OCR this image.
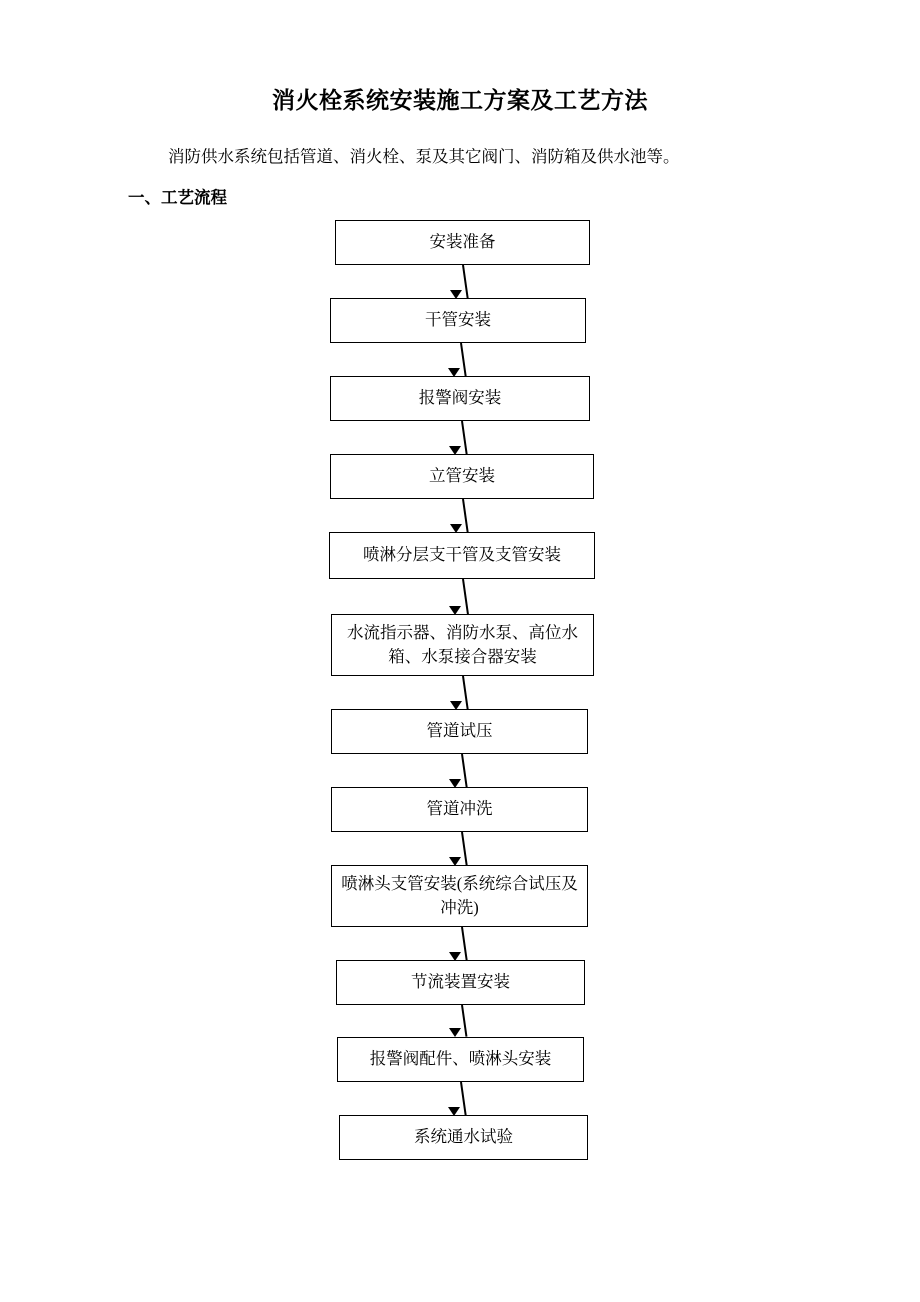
消火栓系统安装施工方案及工艺方法

消防供水系统包括管道、消火栓、泵及其它阀门、消防箱及供水池等。

一、工艺流程
安装准备
干管安装
报警阀安装
立管安装
喷淋分层支干管及支管安装
水流指示器、消防水泵、高位水箱、水泵接合器安装
管道试压
管道冲洗
喷淋头支管安装(系统综合试压及冲洗)
节流装置安装
报警阀配件、喷淋头安装
系统通水试验
